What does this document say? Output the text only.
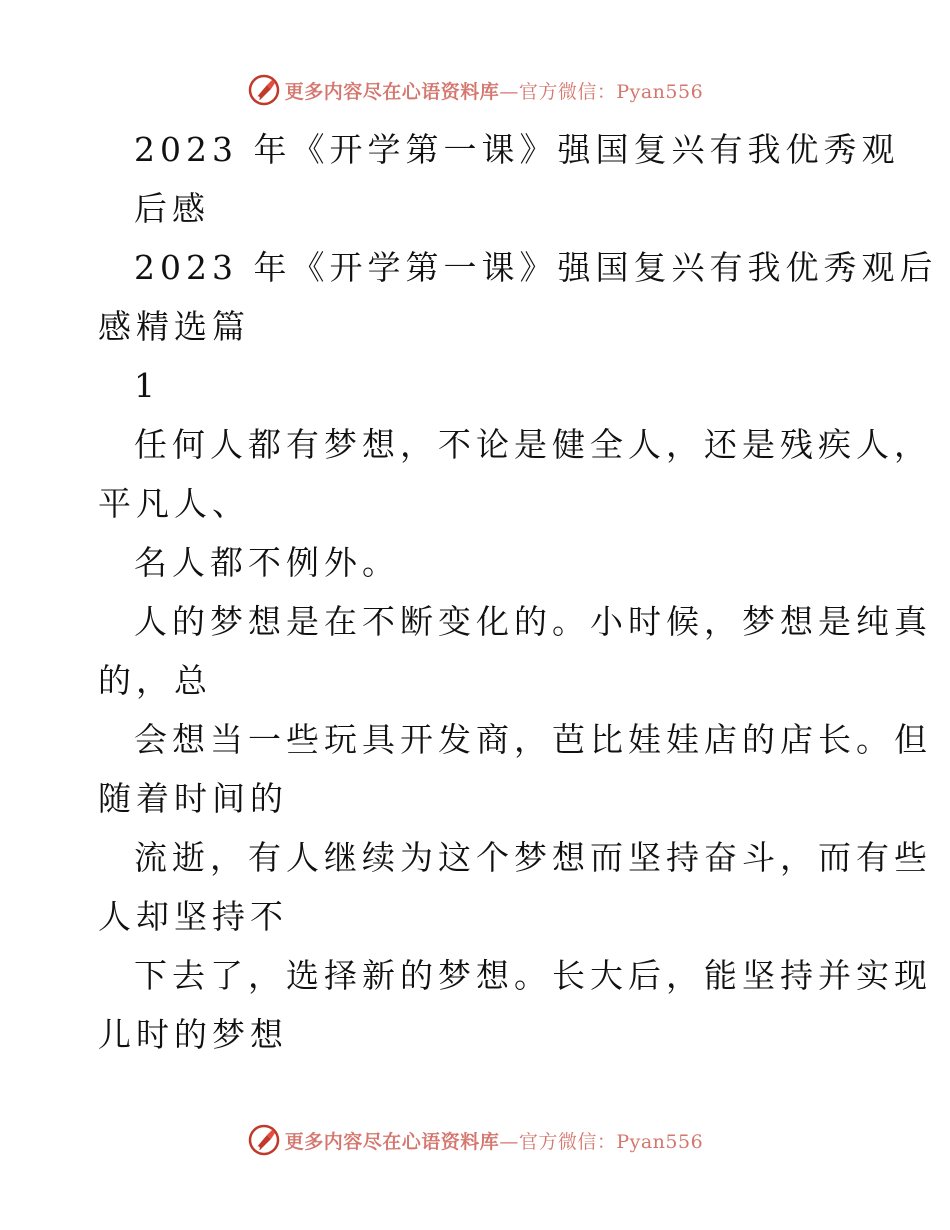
更多内容尽在心语资料库—官方微信：Pyan556

2023 年《开学第一课》强国复兴有我优秀观

后感

2023 年《开学第一课》强国复兴有我优秀观后

感精选篇

1

任何人都有梦想，不论是健全人，还是残疾人，

平凡人、

名人都不例外。

人的梦想是在不断变化的。小时候，梦想是纯真

的，总

会想当一些玩具开发商，芭比娃娃店的店长。但

随着时间的

流逝，有人继续为这个梦想而坚持奋斗，而有些

人却坚持不

下去了，选择新的梦想。长大后，能坚持并实现

儿时的梦想

更多内容尽在心语资料库—官方微信：Pyan556
